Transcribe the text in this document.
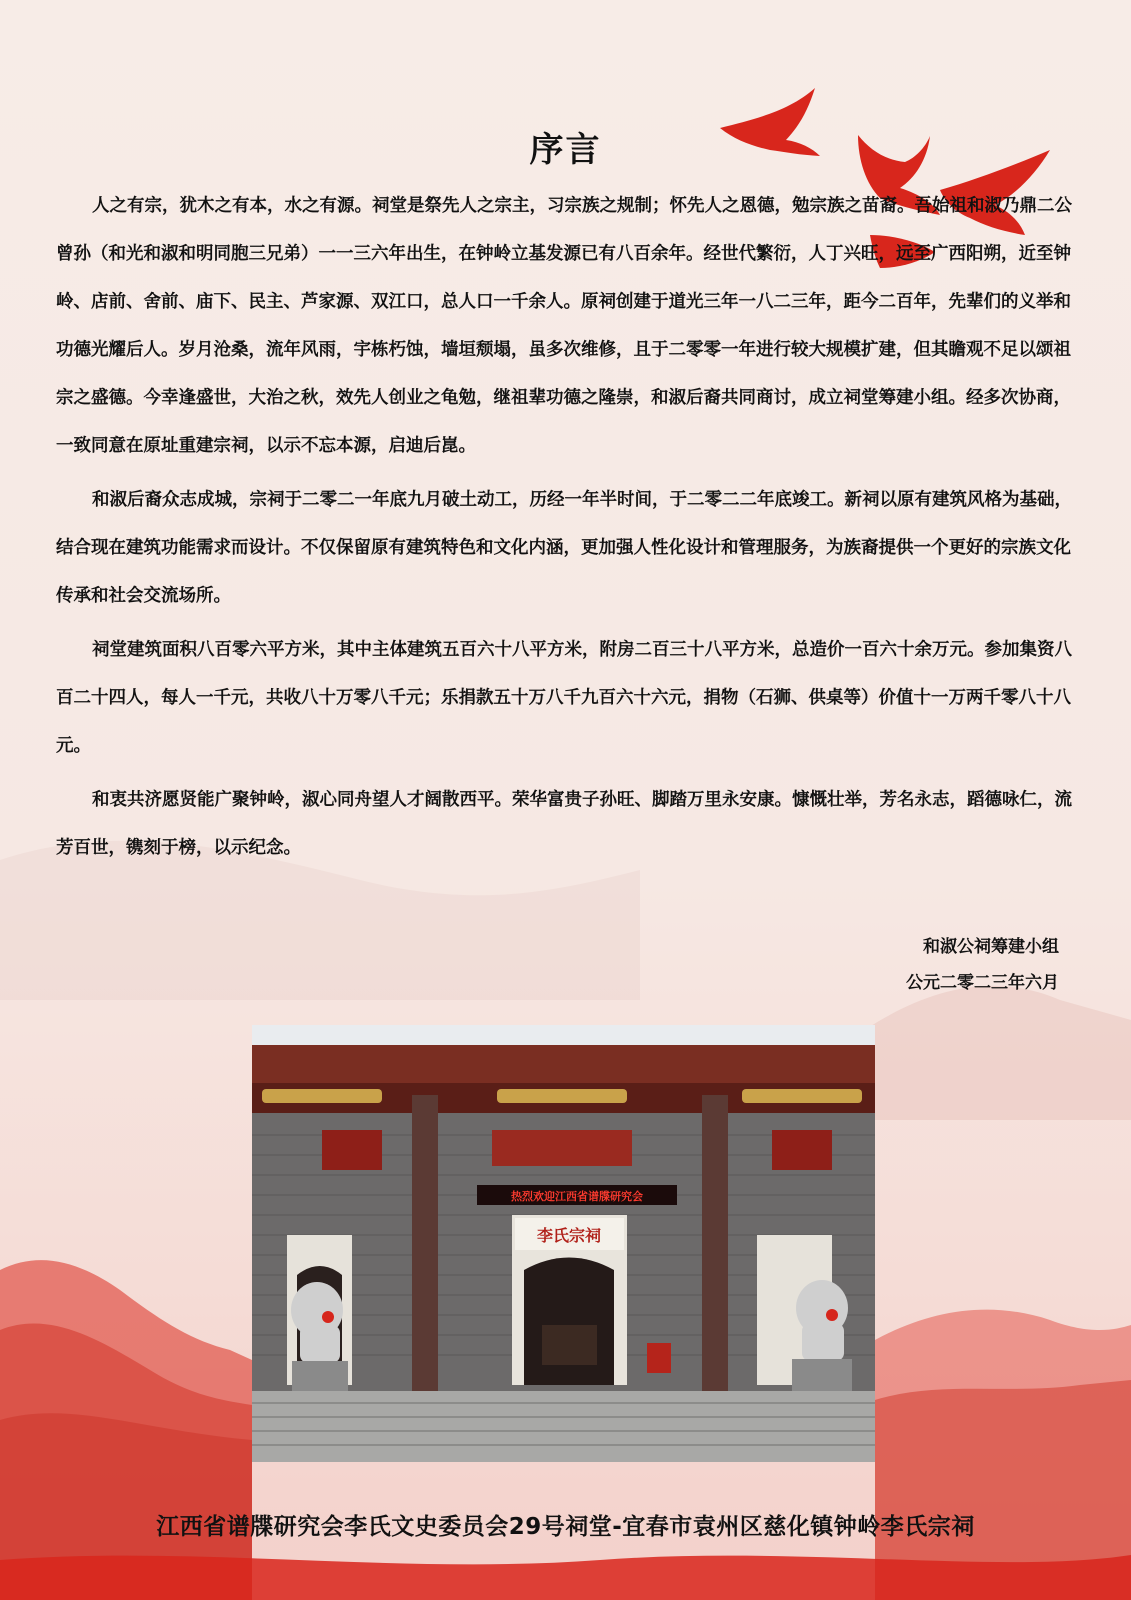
序言

人之有宗，犹木之有本，水之有源。祠堂是祭先人之宗主，习宗族之规制；怀先人之恩德，勉宗族之苗裔。吾始祖和淑乃鼎二公曾孙（和光和淑和明同胞三兄弟）一一三六年出生，在钟岭立基发源已有八百余年。经世代繁衍，人丁兴旺，远至广西阳朔，近至钟岭、店前、舍前、庙下、民主、芦家源、双江口，总人口一千余人。原祠创建于道光三年一八二三年，距今二百年，先辈们的义举和功德光耀后人。岁月沧桑，流年风雨，宇栋朽蚀，墙垣颓塌，虽多次维修，且于二零零一年进行较大规模扩建，但其瞻观不足以颂祖宗之盛德。今幸逢盛世，大治之秋，效先人创业之龟勉，继祖辈功德之隆崇，和淑后裔共同商讨，成立祠堂筹建小组。经多次协商，一致同意在原址重建宗祠，以示不忘本源，启迪后崑。

和淑后裔众志成城，宗祠于二零二一年底九月破土动工，历经一年半时间，于二零二二年底竣工。新祠以原有建筑风格为基础，结合现在建筑功能需求而设计。不仅保留原有建筑特色和文化内涵，更加强人性化设计和管理服务，为族裔提供一个更好的宗族文化传承和社会交流场所。

祠堂建筑面积八百零六平方米，其中主体建筑五百六十八平方米，附房二百三十八平方米，总造价一百六十余万元。参加集资八百二十四人，每人一千元，共收八十万零八千元；乐捐款五十万八千九百六十六元，捐物（石狮、供桌等）价值十一万两千零八十八元。

和衷共济愿贤能广聚钟岭，淑心同舟望人才阔散西平。荣华富贵子孙旺、脚踏万里永安康。慷慨壮举，芳名永志，蹈德咏仁，流芳百世，镌刻于榜，以示纪念。

和淑公祠筹建小组
公元二零二三年六月
热烈欢迎江西省谱牒研究会
李氏宗祠
江西省谱牒研究会李氏文史委员会29号祠堂-宜春市袁州区慈化镇钟岭李氏宗祠
